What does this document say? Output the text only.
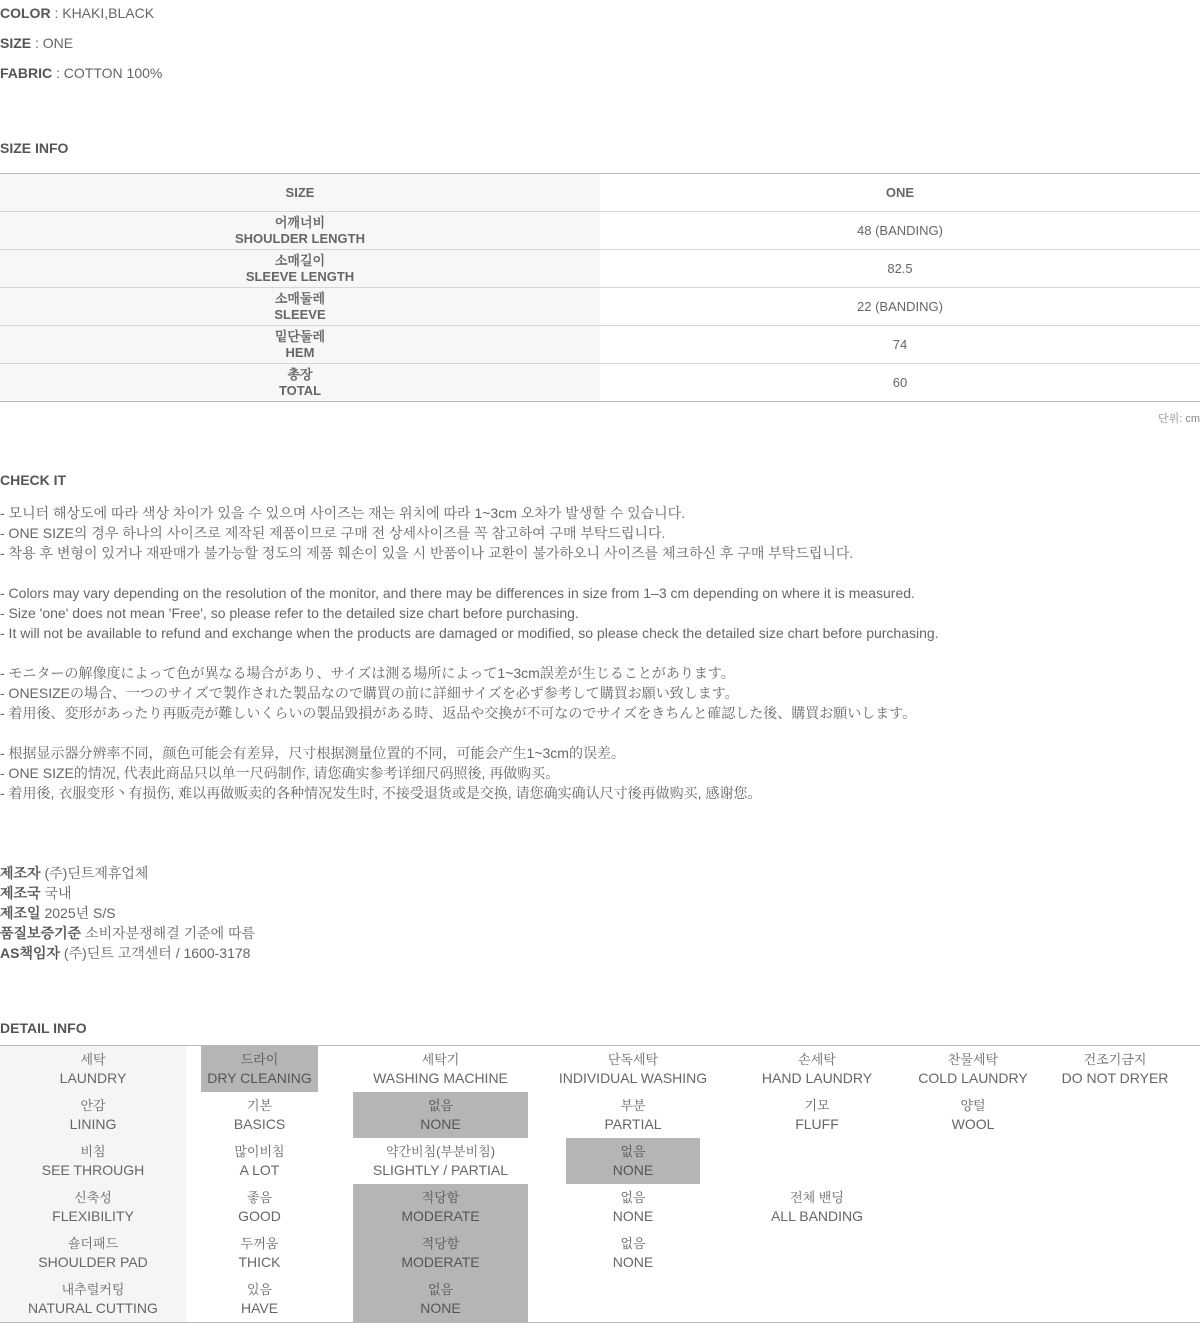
COLOR : KHAKI,BLACK

SIZE : ONE

FABRIC : COTTON 100%

SIZE INFO
SIZE	ONE
어깨너비
SHOULDER LENGTH	48 (BANDING)
소매길이
SLEEVE LENGTH	82.5
소매둘레
SLEEVE	22 (BANDING)
밑단둘레
HEM	74
총장
TOTAL	60
단위: cm
CHECK IT

- 모니터 해상도에 따라 색상 차이가 있을 수 있으며 사이즈는 재는 위치에 따라 1~3cm 오차가 발생할 수 있습니다.

- ONE SIZE의 경우 하나의 사이즈로 제작된 제품이므로 구매 전 상세사이즈를 꼭 참고하여 구매 부탁드립니다.

- 착용 후 변형이 있거나 재판매가 불가능할 정도의 제품 훼손이 있을 시 반품이나 교환이 불가하오니 사이즈를 체크하신 후 구매 부탁드립니다.

- Colors may vary depending on the resolution of the monitor, and there may be differences in size from 1–3 cm depending on where it is measured.

- Size 'one' does not mean 'Free', so please refer to the detailed size chart before purchasing.

- It will not be available to refund and exchange when the products are damaged or modified, so please check the detailed size chart before purchasing.

- モニターの解像度によって色が異なる場合があり、サイズは測る場所によって1~3cm誤差が生じることがあります。

- ONESIZEの場合、一つのサイズで製作された製品なので購買の前に詳細サイズを必ず参考して購買お願い致します。

- 着用後、変形があったり再販売が難しいくらいの製品毀損がある時、返品や交換が不可なのでサイズをきちんと確認した後、購買お願いします。

- 根据显示器分辨率不同，颜色可能会有差异，尺寸根据测量位置的不同，可能会产生1~3cm的误差。

- ONE SIZE的情况, 代表此商品只以单一尺码制作, 请您确实参考详细尺码照後, 再做购买。

- 着用後, 衣服变形丶有损伤, 难以再做贩卖的各种情况发生时, 不接受退货或是交换, 请您确实确认尺寸後再做购买, 感谢您。

제조자 (주)딘트제휴업체

제조국 국내

제조일 2025년 S/S

품질보증기준 소비자분쟁해결 기준에 따름

AS책임자 (주)딘트 고객센터 / 1600-3178

DETAIL INFO
세탁
LAUNDRY	드라이
DRY CLEANING	세탁기
WASHING MACHINE	단독세탁
INDIVIDUAL WASHING	손세탁
HAND LAUNDRY	찬물세탁
COLD LAUNDRY	건조기금지
DO NOT DRYER

안감
LINING	기본
BASICS	없음
NONE	부분
PARTIAL	기모
FLUFF	양털
WOOL	

비침
SEE THROUGH	많이비침
A LOT	약간비침(부분비침)
SLIGHTLY / PARTIAL	없음
NONE			

신축성
FLEXIBILITY	좋음
GOOD	적당함
MODERATE	없음
NONE	전체 밴딩
ALL BANDING		

숄더패드
SHOULDER PAD	두꺼움
THICK	적당함
MODERATE	없음
NONE			

내추럴커팅
NATURAL CUTTING	있음
HAVE	없음
NONE				
